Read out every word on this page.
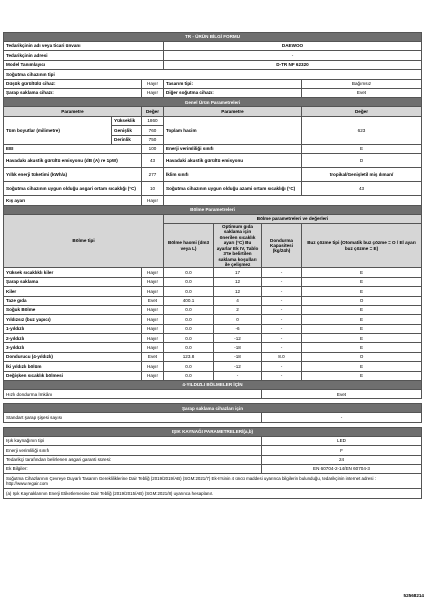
TR - ÜRÜN BİLGİ FORMU						
Tedarikçinin adı veya ticari ünvanı			DAEWOO			
Tedarikçinin adresi			-			
Model Tanımlayıcı			D-TR NF 62320			
Soğutma cihazının tipi						
Düşük gürültülü cihaz:		Hayır	Tasarım tipi:			Bağımsız
Şarap saklama cihazı:		Hayır	Diğer soğutma cihazı:			Evet
Genel Ürün Parametreleri						
Parametre		Değer	Parametre			Değer
Tüm boyutlar (milimetre)	Yükseklik	1860	Toplam hacim			623
	Genişlik	760				
	Derinlik	750				
EEI		100	Enerji verimliliği sınıfı			E
Havadakı akustik gürültü emisyonu (dB (A) re 1pW)		43	Havadaki akustik gürültü emisyonu			D
Yıllık enerji tüketimi (kWh/a)		277	İklim sınıfı			tropikal/Genişletil miş ılıman/
Soğutma cihazının uygun olduğu asgari ortam sıcaklığı (°C)		10	Soğutma cihazının uygun olduğu azami ortam sıcaklığı (°C)			43
Kış ayarı		Hayır				
Bölme Parametreleri						
Bölme tipi			Bölme parametreleri ve değerleri			
			Bölme haomi (dm3 veya L)	Optimum gıda saklama için önerilen sıcaklık ayarı (°C) Bu ayarlar Ek IV, Tablo 3'te belirtilen saklama koşulları ile çelişmez	Dondurma Kapasitesi (kg/24h)	Buz çözme tipi (Otomatik buz çözme = O / El ayarı buz çözme = E)
Yüksek sıcaklıklı kiler		Hayır	0.0	17	-	E
Şarap saklama		Hayır	0.0	12	-	E
Kiler		Hayır	0.0	12	-	E
Taze gıda		Evet	400.1	4	-	O
Soğuk Bölme		Hayır	0.0	2	-	E
Yıldızsız (buz yapıcı)		Hayır	0.0	0	-	E
1-yıldızlı		Hayır	0.0	-6	-	E
2-yıldızlı		Hayır	0.0	-12	-	E
3-yıldızlı		Hayır	0.0	-18	-	E
Dondurucu (4-yıldızlı)		Evet	123.8	-18	8.0	O
İki yıldızlı bölüm		Hayır	0.0	-12	-	E
Değişken sıcaklık bölmesi		Hayır	0.0	-	-	E
4-YILDIZLI BÖLMELER İÇİN						
Hızlı dondurma İmkânı					Evet	

Şarap saklama cihazları için						
Standart şarap şişesi sayısı					-	

IŞIK KAYNAĞI PARAMETRELERİ(a,b)						
Işık kaynağının tipi					LED	
Enerji verimliliği sınıfı					F	
Tedarikçi tarafından belirlenen asgari garanti süresi:					24	
Ek Bilgiler:					EN 60704-2-14/EN 60704-3	
Soğutma Cihazlarının Çevreye Duyarlı Tasarım Gerekliliklerine Dair Tebliğ (2019/2019/AB) (SGM:2021/7) Ek-II'sinin 4 üncü maddesi uyarınca bilgilerin bulunduğu, tedarikçinin internet adresi : http://www.regair.com						
(a) Işık Kaynaklarının Enerji Etiketlemesine Dair Tebliğ (2019/2015/AB) (SGM:2021/8) uyarınca hesaplanır.						
52568214
